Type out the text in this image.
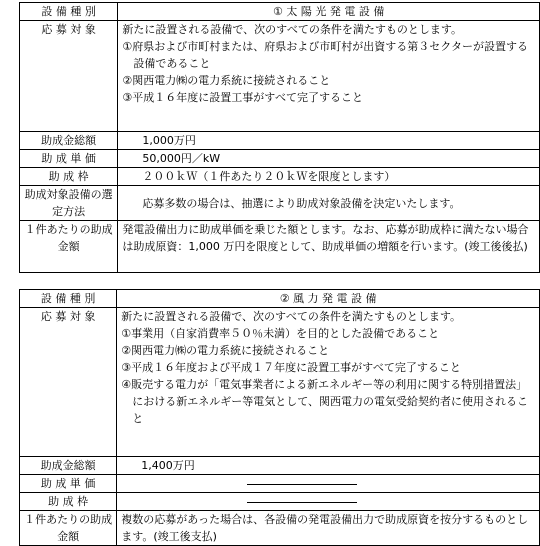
設 備 種 別	① 太 陽 光 発 電 設 備
応 募 対 象	新たに設置される設備で、次のすべての条件を満たすものとします。
①府県および市町村または、府県および市町村が出資する第３セクターが設置する設備であること
②関西電力㈱の電力系統に接続されること
③平成１６年度に設置工事がすべて完了すること

助成金総額	1,000万円
助 成 単 価	50,000円／kW
助 成 枠	２００ｋＷ（１件あたり２０ｋＷを限度とします）
助成対象設備の選定方法	応募多数の場合は、抽選により助成対象設備を決定いたします。
１件あたりの助成金額	発電設備出力に助成単価を乗じた額とします。なお、応募が助成枠に満たない場合は助成原資：1,000 万円を限度として、助成単価の増額を行います。(竣工後後払)
設 備 種 別	② 風 力 発 電 設 備
応 募 対 象	新たに設置される設備で、次のすべての条件を満たすものとします。
①事業用（自家消費率５０％未満）を目的とした設備であること
②関西電力㈱の電力系統に接続されること
③平成１６年度および平成１７年度に設置工事がすべて完了すること
④販売する電力が「電気事業者による新エネルギー等の利用に関する特別措置法」における新エネルギー等電気として、関西電力の電気受給契約者に使用されること

助成金総額	1,400万円
助 成 単 価	
助 成 枠	
１件あたりの助成金額	複数の応募があった場合は、各設備の発電設備出力で助成原資を按分するものとします。(竣工後支払)
